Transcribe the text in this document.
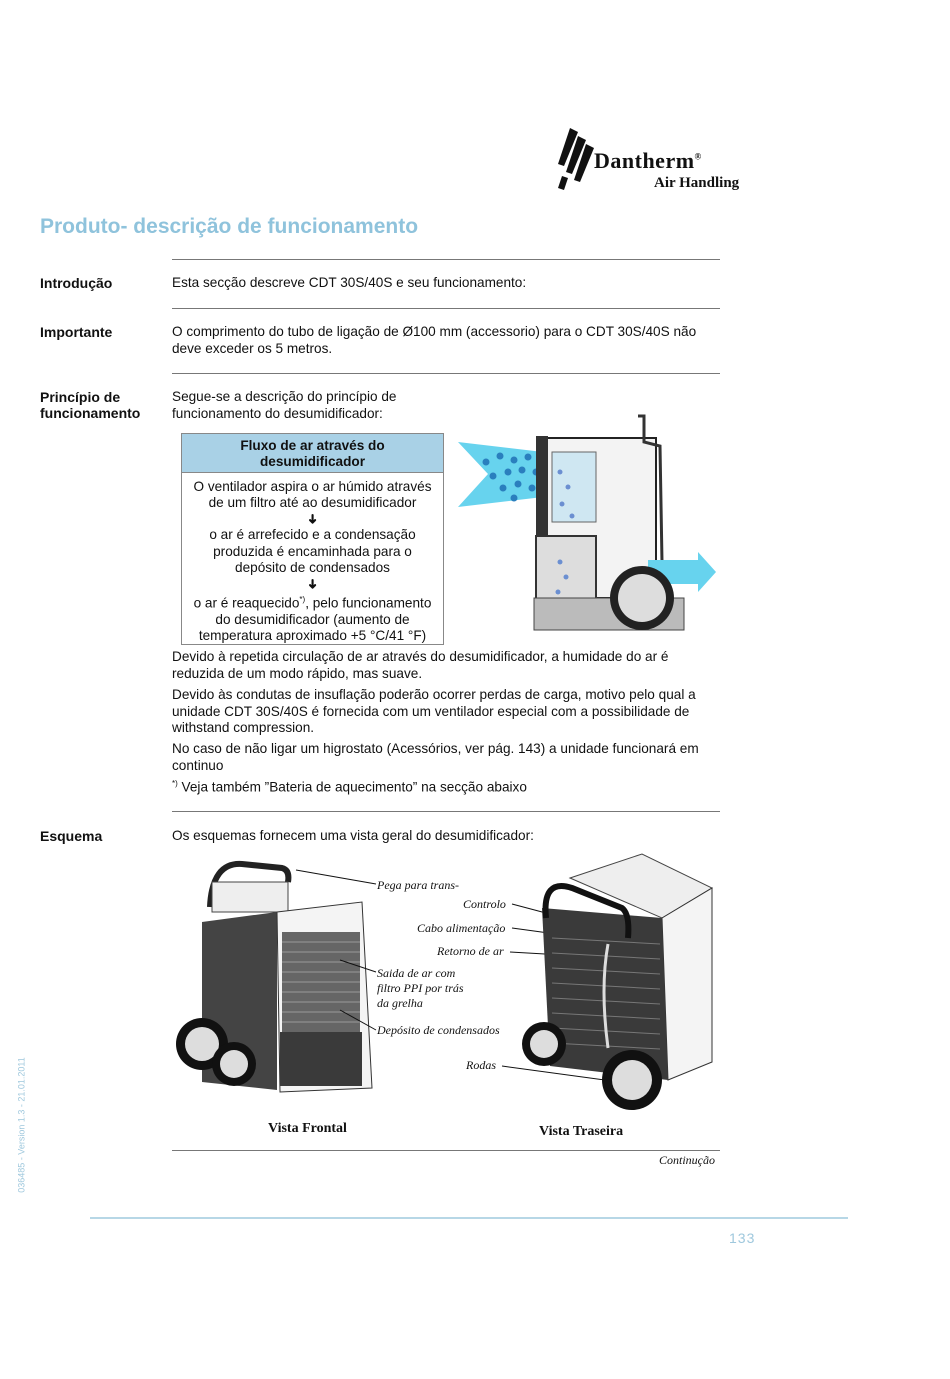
Dantherm®
Air Handling
Produto- descrição de funcionamento
Introdução	Esta secção descreve CDT 30S/40S e seu funcionamento:
Importante	O comprimento do tubo de ligação de Ø100 mm (accessorio) para o CDT 30S/40S não
deve exceder os 5 metros.
Princípio de
funcionamento
Segue-se a descrição do princípio de
funcionamento do desumidificador:
Fluxo de ar através do
desumidificador
O ventilador aspira o ar húmido através
de um filtro até ao desumidificador
➜
o ar é arrefecido e a condensação
produzida é encaminhada para o
depósito de condensados
➜
o ar é reaquecido*), pelo funcionamento
do desumidificador (aumento de
temperatura aproximado +5 °C/41 °F)
Devido à repetida circulação de ar através do desumidificador, a humidade do ar é
reduzida de um modo rápido, mas suave.
Devido às condutas de insuflação poderão ocorrer perdas de carga, motivo pelo qual a
unidade CDT 30S/40S é fornecida com um ventilador especial com a possibilidade de
withstand compression.
No caso de não ligar um higrostato (Acessórios, ver pág. 143) a unidade funcionará em
continuo
*) Veja também ”Bateria de aquecimento” na secção abaixo
Esquema	Os esquemas fornecem uma vista geral do desumidificador:
Vista Frontal
Pega para trans-
Controlo
Cabo alimentação
Retorno de ar
Saida de ar com
filtro PPI por trás
da grelha
Depósito de condensados
Rodas
Vista Traseira
Continução
133
036485 - Version 1.3 - 21.01.2011
